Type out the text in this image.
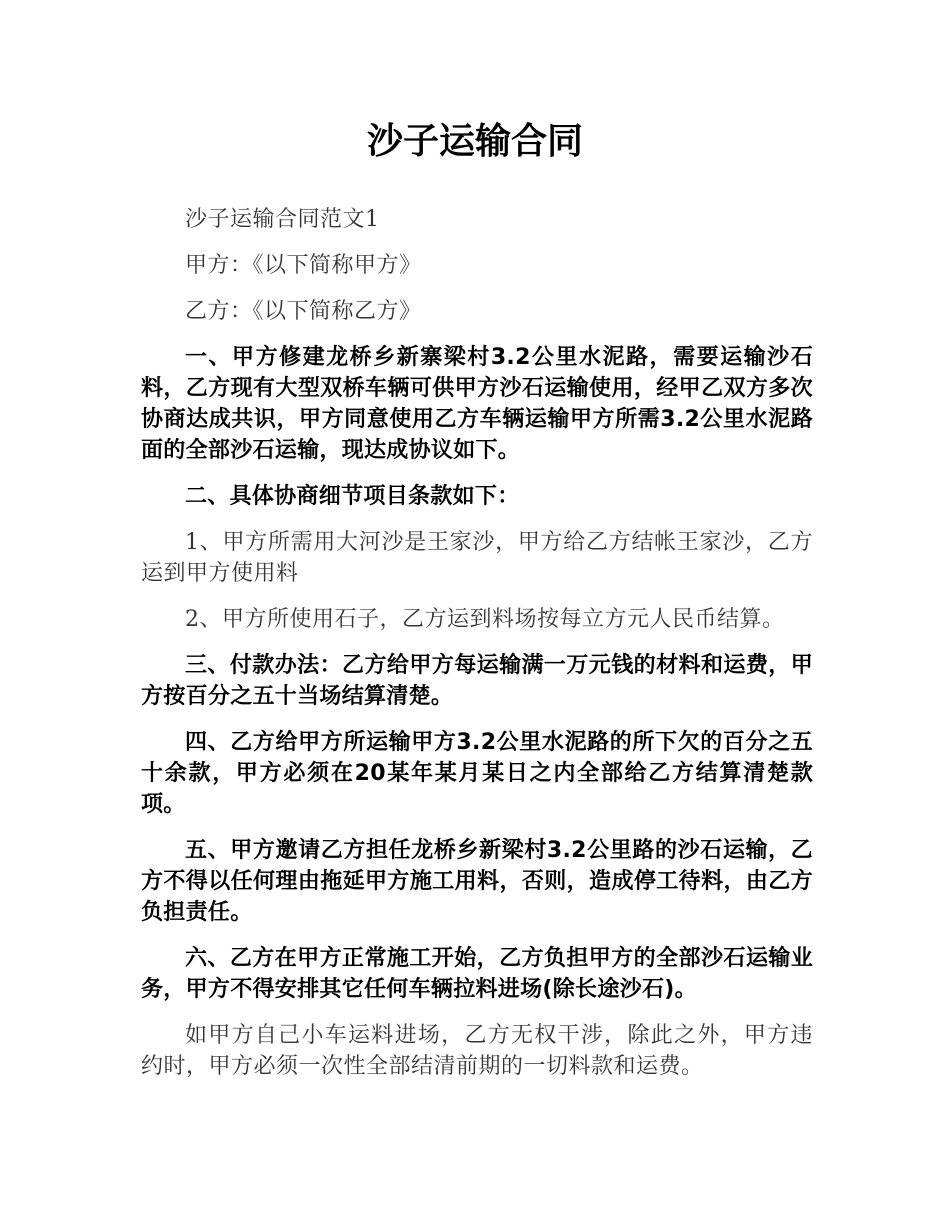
沙子运输合同

沙子运输合同范文1

甲方：《以下简称甲方》

乙方：《以下简称乙方》

一、甲方修建龙桥乡新寨梁村3.2公里水泥路，需要运输沙石料，乙方现有大型双桥车辆可供甲方沙石运输使用，经甲乙双方多次协商达成共识，甲方同意使用乙方车辆运输甲方所需3.2公里水泥路面的全部沙石运输，现达成协议如下。

二、具体协商细节项目条款如下：

1、甲方所需用大河沙是王家沙，甲方给乙方结帐王家沙，乙方运到甲方使用料

2、甲方所使用石子，乙方运到料场按每立方元人民币结算。

三、付款办法：乙方给甲方每运输满一万元钱的材料和运费，甲方按百分之五十当场结算清楚。

四、乙方给甲方所运输甲方3.2公里水泥路的所下欠的百分之五十余款，甲方必须在20某年某月某日之内全部给乙方结算清楚款项。

五、甲方邀请乙方担任龙桥乡新梁村3.2公里路的沙石运输，乙方不得以任何理由拖延甲方施工用料，否则，造成停工待料，由乙方负担责任。

六、乙方在甲方正常施工开始，乙方负担甲方的全部沙石运输业务，甲方不得安排其它任何车辆拉料进场(除长途沙石)。

如甲方自己小车运料进场，乙方无权干涉，除此之外，甲方违约时，甲方必须一次性全部结清前期的一切料款和运费。
